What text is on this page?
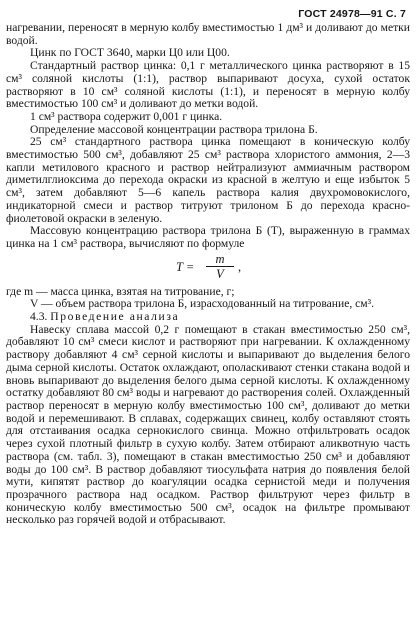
ГОСТ 24978—91 С. 7

нагревании, переносят в мерную колбу вместимостью 1 дм³ и доливают до метки водой.

Цинк по ГОСТ 3640, марки Ц0 или Ц00.

Стандартный раствор цинка: 0,1 г металлического цинка растворяют в 15 см³ соляной кислоты (1:1), раствор выпаривают досуха, сухой остаток растворяют в 10 см³ соляной кислоты (1:1), и переносят в мерную колбу вместимостью 100 см³ и доливают до метки водой.

1 см³ раствора содержит 0,001 г цинка.

Определение массовой концентрации раствора трилона Б.

25 см³ стандартного раствора цинка помещают в коническую колбу вместимостью 500 см³, добавляют 25 см³ раствора хлористого аммония, 2—3 капли метилового красного и раствор нейтрализуют аммиачным раствором диметилглиоксима до перехода окраски из красной в желтую и еще избыток 5 см³, затем добавляют 5—6 капель раствора калия двухромовокислого, индикаторной смеси и раствор титруют трилоном Б до перехода красно-фиолетовой окраски в зеленую.

Массовую концентрацию раствора трилона Б (T), выраженную в граммах цинка на 1 см³ раствора, вычисляют по формуле

$T = \frac{m}{V}$ ,

где m — масса цинка, взятая на титрование, г;

V — объем раствора трилона Б, израсходованный на титрование, см³.

4.3. Проведение анализа

Навеску сплава массой 0,2 г помещают в стакан вместимостью 250 см³, добавляют 10 см³ смеси кислот и растворяют при нагревании. К охлажденному раствору добавляют 4 см³ серной кислоты и выпаривают до выделения белого дыма серной кислоты. Остаток охлаждают, ополаскивают стенки стакана водой и вновь выпаривают до выделения белого дыма серной кислоты. К охлажденному остатку добавляют 80 см³ воды и нагревают до растворения солей. Охлажденный раствор переносят в мерную колбу вместимостью 100 см³, доливают до метки водой и перемешивают. В сплавах, содержащих свинец, колбу оставляют стоять для отстаивания осадка сернокислого свинца. Можно отфильтровать осадок через сухой плотный фильтр в сухую колбу. Затем отбирают аликвотную часть раствора (см. табл. 3), помещают в стакан вместимостью 250 см³ и добавляют воды до 100 см³. В раствор добавляют тиосульфата натрия до появления белой мути, кипятят раствор до коагуляции осадка сернистой меди и получения прозрачного раствора над осадком. Раствор фильтруют через фильтр в коническую колбу вместимостью 500 см³, осадок на фильтре промывают несколько раз горячей водой и отбрасывают.
